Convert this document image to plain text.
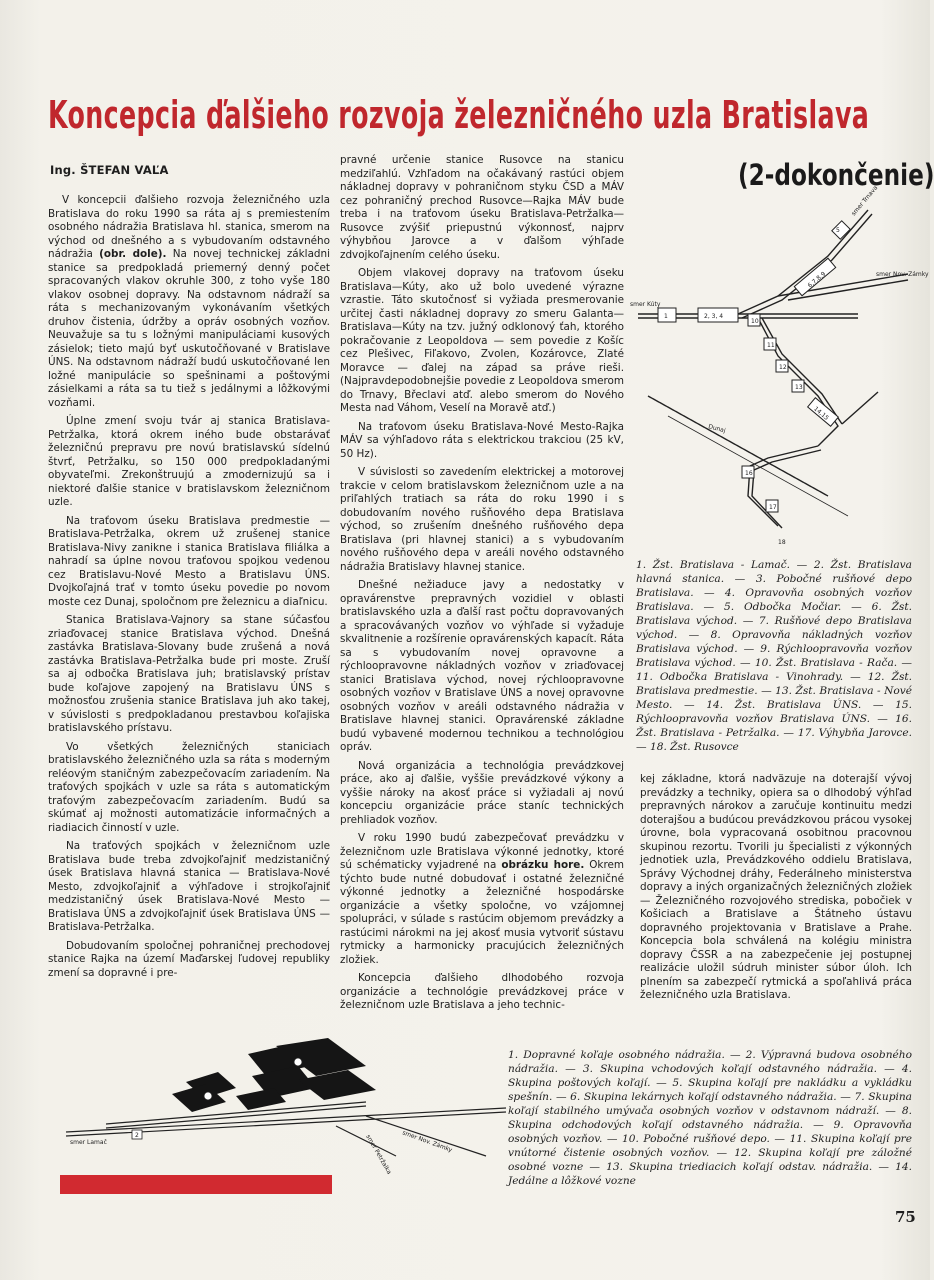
Koncepcia ďalšieho rozvoja železničného uzla Bratislava
(2-dokončenie)
Ing. ŠTEFAN VAĽA

V koncepcii ďalšieho rozvoja železničného uzla Bratislava do roku 1990 sa ráta aj s premiestením osobného nádražia Bratislava hl. stanica, smerom na východ od dnešného a s vybudovaním odstavného nádražia (obr. dole). Na novej technickej základni stanice sa predpokladá priemerný denný počet spracovaných vlakov okruhle 300, z toho vyše 180 vlakov osobnej dopravy. Na odstavnom nádraží sa ráta s mechanizovaným vykonávaním všetkých druhov čistenia, údržby a opráv osobných vozňov. Neuvažuje sa tu s ložnými manipuláciami kusových zásielok; tieto majú byť uskutočňované v Bratislave ÚNS. Na odstavnom nádraží budú uskutočňované len ložné manipulácie so spešninami a poštovými zásielkami a ráta sa tu tiež s jedálnymi a lôžkovými vozňami.

Úplne zmení svoju tvár aj stanica Bratislava-Petržalka, ktorá okrem iného bude obstarávať železničnú prepravu pre novú bratislavskú sídelnú štvrť, Petržalku, so 150 000 predpokladanými obyvateľmi. Zrekonštruujú a zmodernizujú sa i niektoré ďalšie stanice v bratislavskom železničnom uzle.

Na traťovom úseku Bratislava predmestie — Bratislava-Petržalka, okrem už zrušenej stanice Bratislava-Nivy zanikne i stanica Bratislava filiálka a nahradí sa úplne novou traťovou spojkou vedenou cez Bratislavu-Nové Mesto a Bratislavu ÚNS. Dvojkoľajná trať v tomto úseku povedie po novom moste cez Dunaj, spoločnom pre železnicu a diaľnicu.

Stanica Bratislava-Vajnory sa stane súčasťou zriaďovacej stanice Bratislava východ. Dnešná zastávka Bratislava-Slovany bude zrušená a nová zastávka Bratislava-Petržalka bude pri moste. Zruší sa aj odbočka Bratislava juh; bratislavský prístav bude koľajove zapojený na Bratislavu ÚNS s možnosťou zrušenia stanice Bratislava juh ako takej, v súvislosti s predpokladanou prestavbou koľajiska bratislavského prístavu.

Vo všetkých železničných staniciach bratislavského železničného uzla sa ráta s moderným reléovým staničným zabezpečovacím zariadením. Na traťových spojkách v uzle sa ráta s automatickým traťovým zabezpečovacím zariadením. Budú sa skúmať aj možnosti automatizácie informačných a riadiacich činností v uzle.

Na traťových spojkách v železničnom uzle Bratislava bude treba zdvojkoľajniť medzistaničný úsek Bratislava hlavná stanica — Bratislava-Nové Mesto, zdvojkoľajniť a výhľadove i strojkoľajniť medzistaničný úsek Bratislava-Nové Mesto — Bratislava ÚNS a zdvojkoľajniť úsek Bratislava ÚNS — Bratislava-Petržalka.

Dobudovaním spoločnej pohraničnej prechodovej stanice Rajka na území Maďarskej ľudovej republiky zmení sa dopravné i pre-

pravné určenie stanice Rusovce na stanicu medziľahlú. Vzhľadom na očakávaný rastúci objem nákladnej dopravy v pohraničnom styku ČSD a MÁV cez pohraničný prechod Rusovce—Rajka MÁV bude treba i na traťovom úseku Bratislava-Petržalka—Rusovce zvýšiť priepustnú výkonnosť, najprv výhybňou Jarovce a v ďalšom výhľade zdvojkoľajnením celého úseku.

Objem vlakovej dopravy na traťovom úseku Bratislava—Kúty, ako už bolo uvedené výrazne vzrastie. Táto skutočnosť si vyžiada presmerovanie určitej časti nákladnej dopravy zo smeru Galanta—Bratislava—Kúty na tzv. južný odklonový ťah, ktorého pokračovanie z Leopoldova — sem povedie z Košíc cez Plešivec, Fiľakovo, Zvolen, Kozárovce, Zlaté Moravce — ďalej na západ sa práve rieši. (Najpravdepodobnejšie povedie z Leopoldova smerom do Trnavy, Břeclavi atď. alebo smerom do Nového Mesta nad Váhom, Veselí na Moravě atď.)

Na traťovom úseku Bratislava-Nové Mesto-Rajka MÁV sa výhľadovo ráta s elektrickou trakciou (25 kV, 50 Hz).

V súvislosti so zavedením elektrickej a motorovej trakcie v celom bratislavskom železničnom uzle a na priľahlých tratiach sa ráta do roku 1990 i s dobudovaním nového rušňového depa Bratislava východ, so zrušením dnešného rušňového depa Bratislava (pri hlavnej stanici) a s vybudovaním nového rušňového depa v areáli nového odstavného nádražia Bratislavy hlavnej stanice.

Dnešné nežiaduce javy a nedostatky v opravárenstve prepravných vozidiel v oblasti bratislavského uzla a ďalší rast počtu dopravovaných a spracovávaných vozňov vo výhľade si vyžaduje skvalitnenie a rozšírenie opravárenských kapacít. Ráta sa s vybudovaním novej opravovne a rýchloopravovne nákladných vozňov v zriaďovacej stanici Bratislava východ, novej rýchloopravovne osobných vozňov v Bratislave ÚNS a novej opravovne osobných vozňov v areáli odstavného nádražia v Bratislave hlavnej stanici. Opravárenské základne budú vybavené modernou technikou a technológiou opráv.

Nová organizácia a technológia prevádzkovej práce, ako aj ďalšie, vyššie prevádzkové výkony a vyššie nároky na akosť práce si vyžiadali aj novú koncepciu organizácie práce staníc technických prehliadok vozňov.

V roku 1990 budú zabezpečovať prevádzku v železničnom uzle Bratislava výkonné jednotky, ktoré sú schématicky vyjadrené na obrázku hore. Okrem týchto bude nutné dobudovať i ostatné železničné výkonné jednotky a železničné hospodárske organizácie a všetky spoločne, vo vzájomnej spolupráci, v súlade s rastúcim objemom prevádzky a rastúcimi nárokmi na jej akosť musia vytvoriť sústavu rytmicky a harmonicky pracujúcich železničných zložiek.

Koncepcia ďalšieho dlhodobého rozvoja organizácie a technológie prevádzkovej práce v železničnom uzle Bratislava a jeho technic-

smer Kúty
2, 3, 4
1
5
6,7,8,9
10
11
12
13
14,15
16
17
18
smer Trnava
Dunaj
smer Nov. Zámky
1. Žst. Bratislava - Lamač. — 2. Žst. Bratislava hlavná stanica. — 3. Pobočné rušňové depo Bratislava. — 4. Opravovňa osobných vozňov Bratislava. — 5. Odbočka Močiar. — 6. Žst. Bratislava východ. — 7. Rušňové depo Bratislava východ. — 8. Opravovňa nákladných vozňov Bratislava východ. — 9. Rýchloopravovňa vozňov Bratislava východ. — 10. Žst. Bratislava - Rača. — 11. Odbočka Bratislava - Vinohrady. — 12. Žst. Bratislava predmestie. — 13. Žst. Bratislava - Nové Mesto. — 14. Žst. Bratislava ÚNS. — 15. Rýchloopravovňa vozňov Bratislava ÚNS. — 16. Žst. Bratislava - Petržalka. — 17. Výhybňa Jarovce. — 18. Žst. Rusovce

kej základne, ktorá nadväzuje na doterajší vývoj prevádzky a techniky, opiera sa o dlhodobý výhľad prepravných nárokov a zaručuje kontinuitu medzi doterajšou a budúcou prevádzkovou prácou vysokej úrovne, bola vypracovaná osobitnou pracovnou skupinou rezortu. Tvorili ju špecialisti z výkonných jednotiek uzla, Prevádzkového oddielu Bratislava, Správy Východnej dráhy, Federálneho ministerstva dopravy a iných organizačných železničných zložiek — Železničného rozvojového strediska, pobočiek v Košiciach a Bratislave a Štátneho ústavu dopravného projektovania v Bratislave a Prahe. Koncepcia bola schválená na kolégiu ministra dopravy ČSSR a na zabezpečenie jej postupnej realizácie uložil súdruh minister súbor úloh. Ich plnením sa zabezpečí rytmická a spoľahlivá práca železničného uzla Bratislava.

smer Lamač
2	smer Nov. Zámky
smer Petržalka
1. Dopravné koľaje osobného nádražia. — 2. Výpravná budova osobného nádražia. — 3. Skupina vchodových koľají odstavného nádražia. — 4. Skupina poštových koľají. — 5. Skupina koľají pre nakládku a vykládku spešnín. — 6. Skupina lekárnych koľají odstavného nádražia. — 7. Skupina koľají stabilného umývača osobných vozňov v odstavnom nádraží. — 8. Skupina odchodových koľají odstavného nádražia. — 9. Opravovňa osobných vozňov. — 10. Pobočné rušňové depo. — 11. Skupina koľají pre vnútorné čistenie osobných vozňov. — 12. Skupina koľají pre záložné osobné vozne — 13. Skupina triediacich koľají odstav. nádražia. — 14. Jedálne a lôžkové vozne
75
